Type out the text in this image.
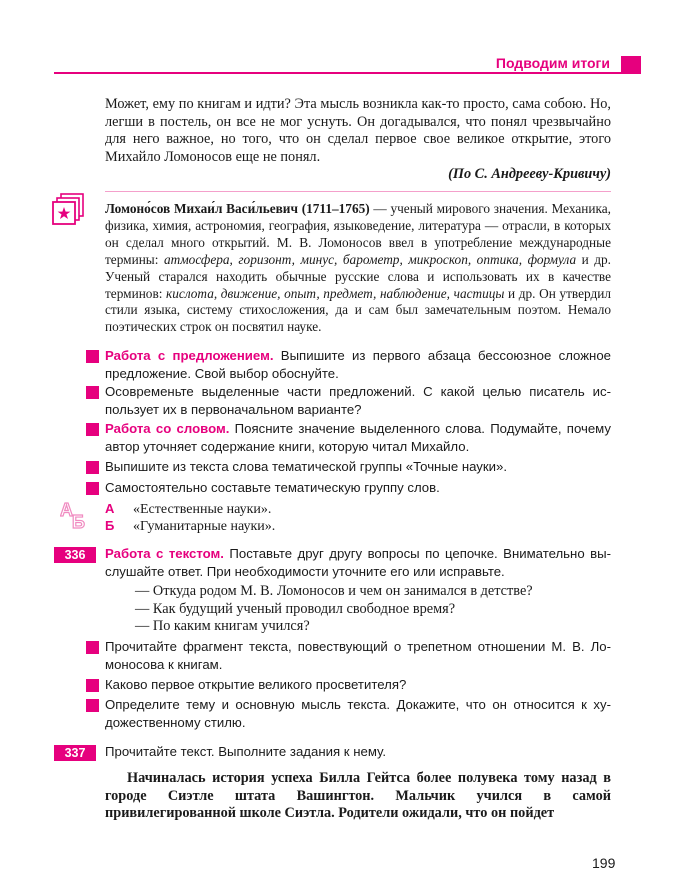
Подводим итоги

Может, ему по книгам и идти? Эта мысль возникла как-то просто, сама собою. Но, легши в постель, он все не мог уснуть. Он догадывался, что понял чрезвычайно для него важное, но того, что он сделал первое свое великое открытие, этого Михайло Ломоносов еще не понял.

(По С. Андрееву-Кривичу)

Ломоно́сов Михаи́л Васи́льевич (1711–1765) — ученый мирового значения. Механика, физика, химия, астрономия, география, языковедение, литература — отрасли, в которых он сделал много открытий. М. В. Ломоносов ввел в употребление международные термины: атмосфера, горизонт, минус, барометр, микроскоп, оптика, формула и др. Ученый старался находить обычные русские слова и использовать их в качестве терминов: кислота, движение, опыт, предмет, наблюдение, частицы и др. Он утвердил стили языка, систему стихосложения, да и сам был замечательным поэтом. Немало поэтических строк он посвятил науке.

Работа с предложением. Выпишите из первого абзаца бессоюзное сложное предложение. Свой выбор обоснуйте.
Осовременьте выделенные части предложений. С какой целью писатель использует их в первоначальном варианте?
Работа со словом. Поясните значение выделенного слова. Подумайте, почему автор уточняет содержание книги, которую читал Михайло.
Выпишите из текста слова тематической группы «Точные науки».
Самостоятельно составьте тематическую группу слов.
А
Б
А «Естественные науки».
Б «Гуманитарные науки».
336	Работа с текстом. Поставьте друг другу вопросы по цепочке. Внимательно выслушайте ответ. При необходимости уточните его или исправьте.

— Откуда родом М. В. Ломоносов и чем он занимался в детстве?

— Как будущий ученый проводил свободное время?

— По каким книгам учился?

Прочитайте фрагмент текста, повествующий о трепетном отношении М. В. Ломоносова к книгам.
Каково первое открытие великого просветителя?
Определите тему и основную мысль текста. Докажите, что он относится к художественному стилю.
337	Прочитайте текст. Выполните задания к нему.

Начиналась история успеха Билла Гейтса более полувека тому назад в городе Сиэтле штата Вашингтон. Мальчик учился в самой привилегированной школе Сиэтла. Родители ожидали, что он пойдет

199
